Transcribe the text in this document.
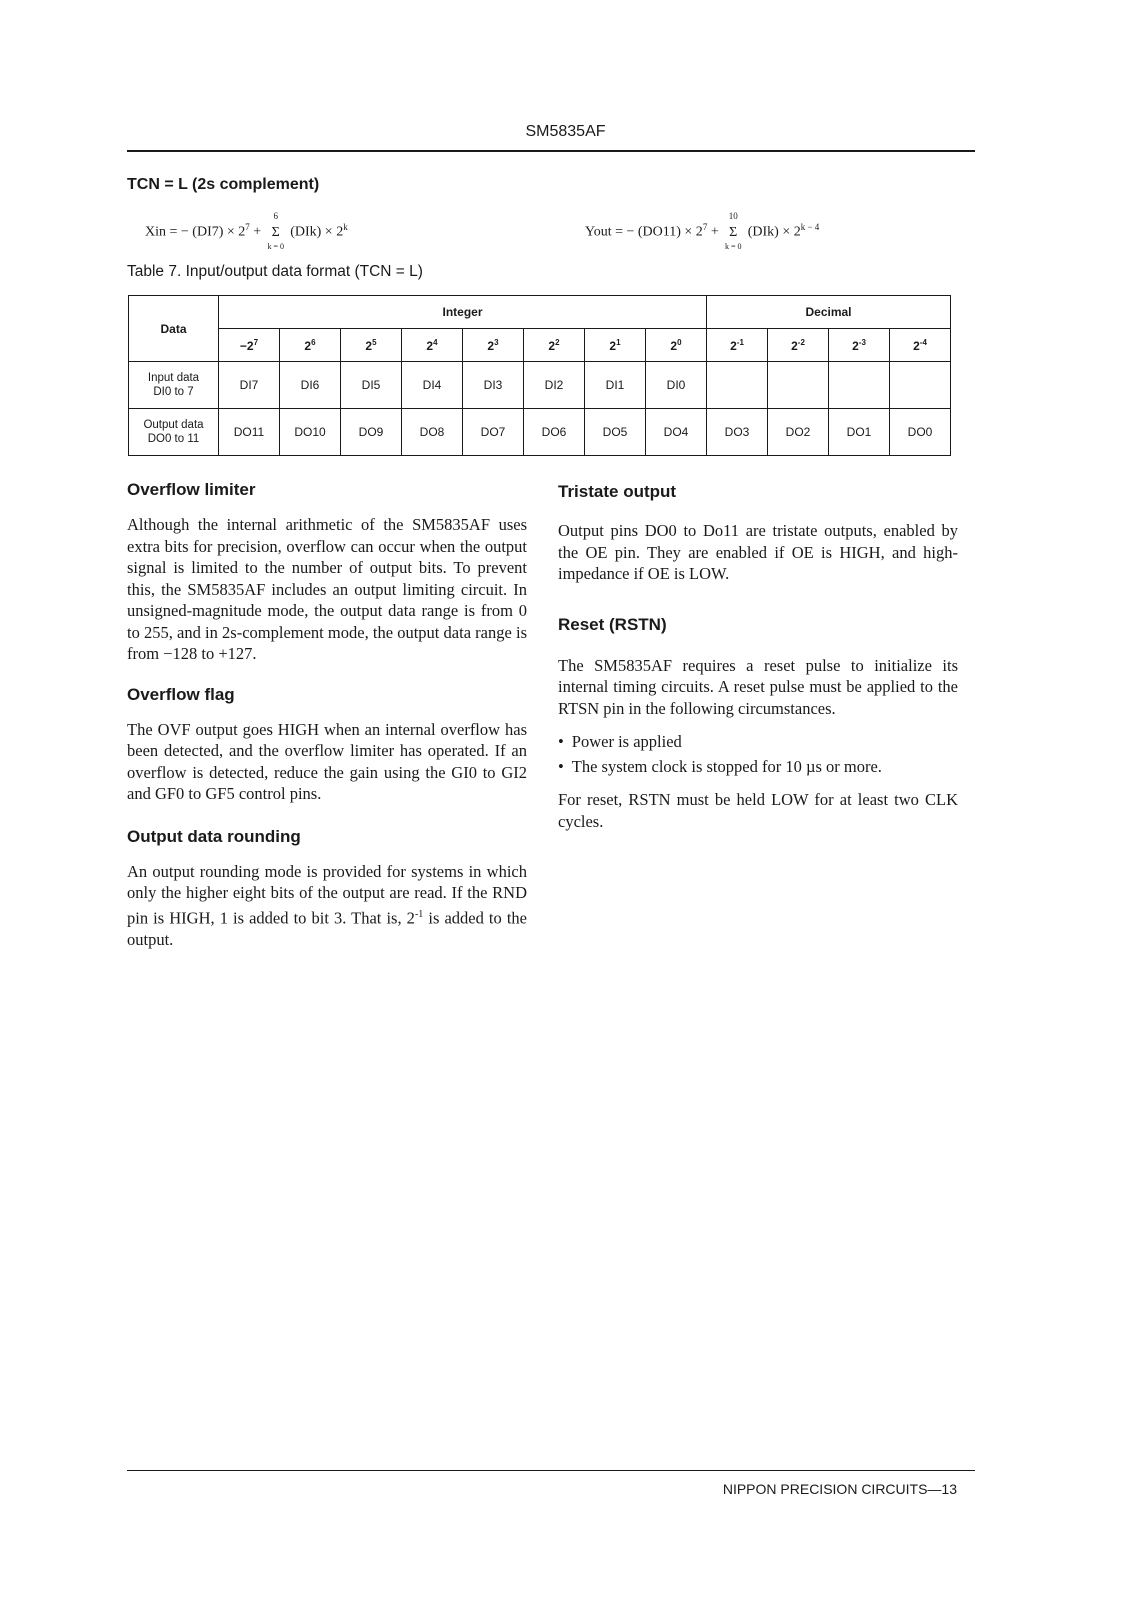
SM5835AF
TCN = L (2s complement)
Xin = − $(DI7) \times 2^7 + \Sigma$
6
k = 0
$(DIk) \times 2^k$	Yout = − $(DO11) \times 2^7 + \Sigma$
10
k = 0
$(DIk) \times 2^{k - 4}$
Table 7. Input/output data format (TCN = L)
Data	Integer								Decimal			
	$-2^7$	$2^6$	$2^5$	$2^4$	$2^3$	$2^2$	$2^1$	$2^0$	$2^{-1}$	$2^{-2}$	$2^{-3}$	$2^{-4}$
Input data
DI0 to 7	DI7	DI6	DI5	DI4	DI3	DI2	DI1	DI0				
Output data
DO0 to 11	DO11	DO10	DO9	DO8	DO7	DO6	DO5	DO4	DO3	DO2	DO1	DO0
Overflow limiter

Although the internal arithmetic of the SM5835AF uses extra bits for precision, overflow can occur when the output signal is limited to the number of output bits. To prevent this, the SM5835AF includes an output limiting circuit. In unsigned-magnitude mode, the output data range is from 0 to 255, and in 2s-complement mode, the output data range is from −128 to +127.

Overflow flag

The OVF output goes HIGH when an internal overflow has been detected, and the overflow limiter has operated. If an overflow is detected, reduce the gain using the GI0 to GI2 and GF0 to GF5 control pins.

Output data rounding

An output rounding mode is provided for systems in which only the higher eight bits of the output are read. If the RND pin is HIGH, 1 is added to bit 3. That is, $2^{-1}$ is added to the output.

Tristate output

Output pins DO0 to Do11 are tristate outputs, enabled by the OE pin. They are enabled if OE is HIGH, and high-impedance if OE is LOW.

Reset (RSTN)

The SM5835AF requires a reset pulse to initialize its internal timing circuits. A reset pulse must be applied to the RTSN pin in the following circumstances.

• Power is applied
• The system clock is stopped for 10 µs or more.

For reset, RSTN must be held LOW for at least two CLK cycles.

NIPPON PRECISION CIRCUITS—13
